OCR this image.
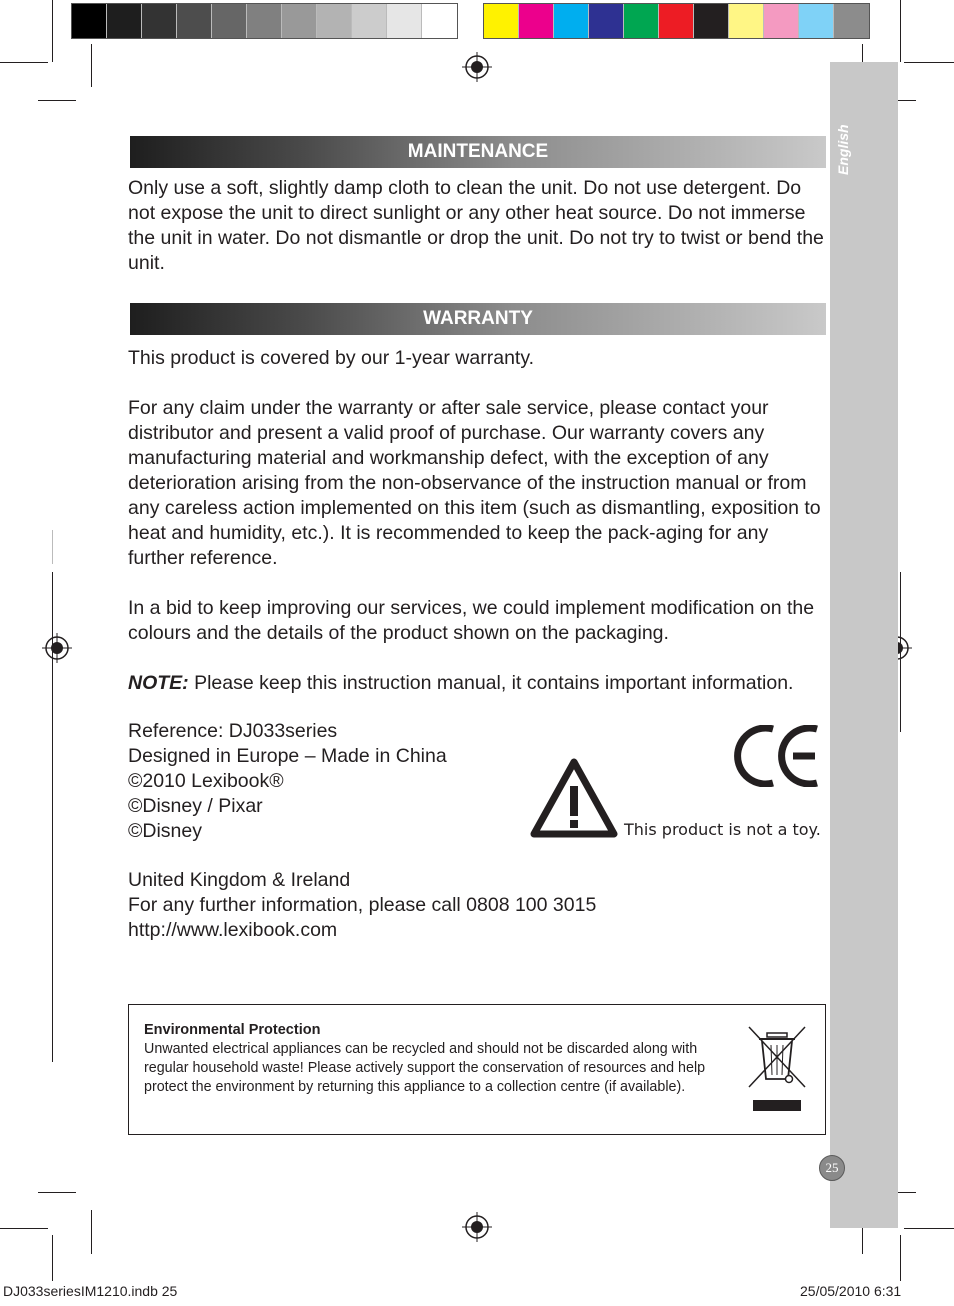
English
25
MAINTENANCE

Only use a soft, slightly damp cloth to clean the unit. Do not use detergent. Do not expose the unit to direct sunlight or any other heat source. Do not immerse the unit in water. Do not dismantle or drop the unit. Do not try to twist or bend the unit.

WARRANTY

This product is covered by our 1-year warranty.

For any claim under the warranty or after sale service, please contact your distributor and present a valid proof of purchase. Our warranty covers any manufacturing material and workmanship defect, with the exception of any deterioration arising from the non-observance of the instruction manual or from any careless action implemented on this item (such as dismantling, exposition to heat and humidity, etc.). It is recommended to keep the pack-aging for any further reference.

In a bid to keep improving our services, we could implement modification on the colours and the details of the product shown on the packaging.

NOTE: Please keep this instruction manual, it contains important information.

Reference: DJ033series

Designed in Europe – Made in China

©2010 Lexibook®

©Disney / Pixar

©Disney	This product is not a toy.

United Kingdom & Ireland

For any further information, please call 0808 100 3015

http://www.lexibook.com

Environmental Protection
Unwanted electrical appliances can be recycled and should not be discarded along with regular household waste! Please actively support the conservation of resources and help protect the environment by returning this appliance to a collection centre (if available).
DJ033seriesIM1210.indb 25	25/05/2010 6:31
